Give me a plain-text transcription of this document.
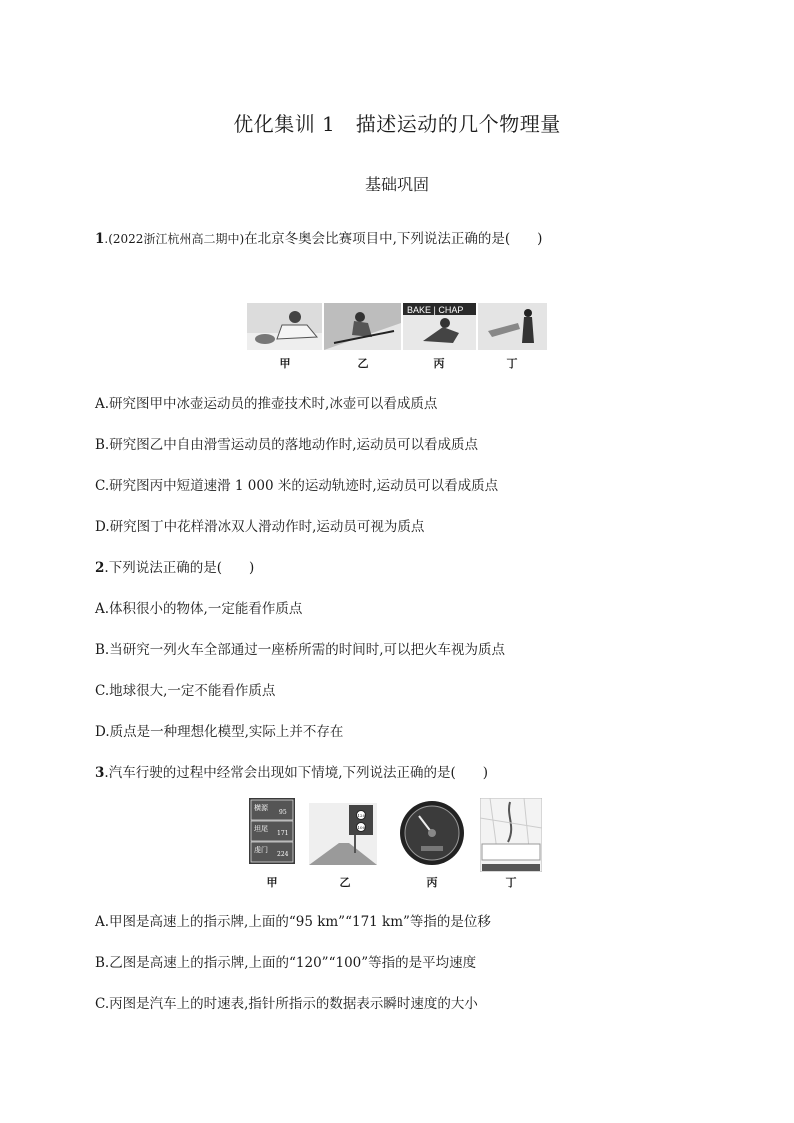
优化集训 1　描述运动的几个物理量
基础巩固
1.(2022浙江杭州高二期中)在北京冬奥会比赛项目中,下列说法正确的是(　　)
BAKE | CHAP
甲	乙	丙	丁
A.研究图甲中冰壶运动员的推壶技术时,冰壶可以看成质点
B.研究图乙中自由滑雪运动员的落地动作时,运动员可以看成质点
C.研究图丙中短道速滑 1 000 米的运动轨迹时,运动员可以看成质点
D.研究图丁中花样滑冰双人滑动作时,运动员可视为质点
2.下列说法正确的是(　　)
A.体积很小的物体,一定能看作质点
B.当研究一列火车全部通过一座桥所需的时间时,可以把火车视为质点
C.地球很大,一定不能看作质点
D.质点是一种理想化模型,实际上并不存在
3.汽车行驶的过程中经常会出现如下情境,下列说法正确的是(　　)
横源
95
坦尾
171
虔门
224
120
100
甲	乙	丙	丁
A.甲图是高速上的指示牌,上面的“95 km”“171 km”等指的是位移
B.乙图是高速上的指示牌,上面的“120”“100”等指的是平均速度
C.丙图是汽车上的时速表,指针所指示的数据表示瞬时速度的大小
